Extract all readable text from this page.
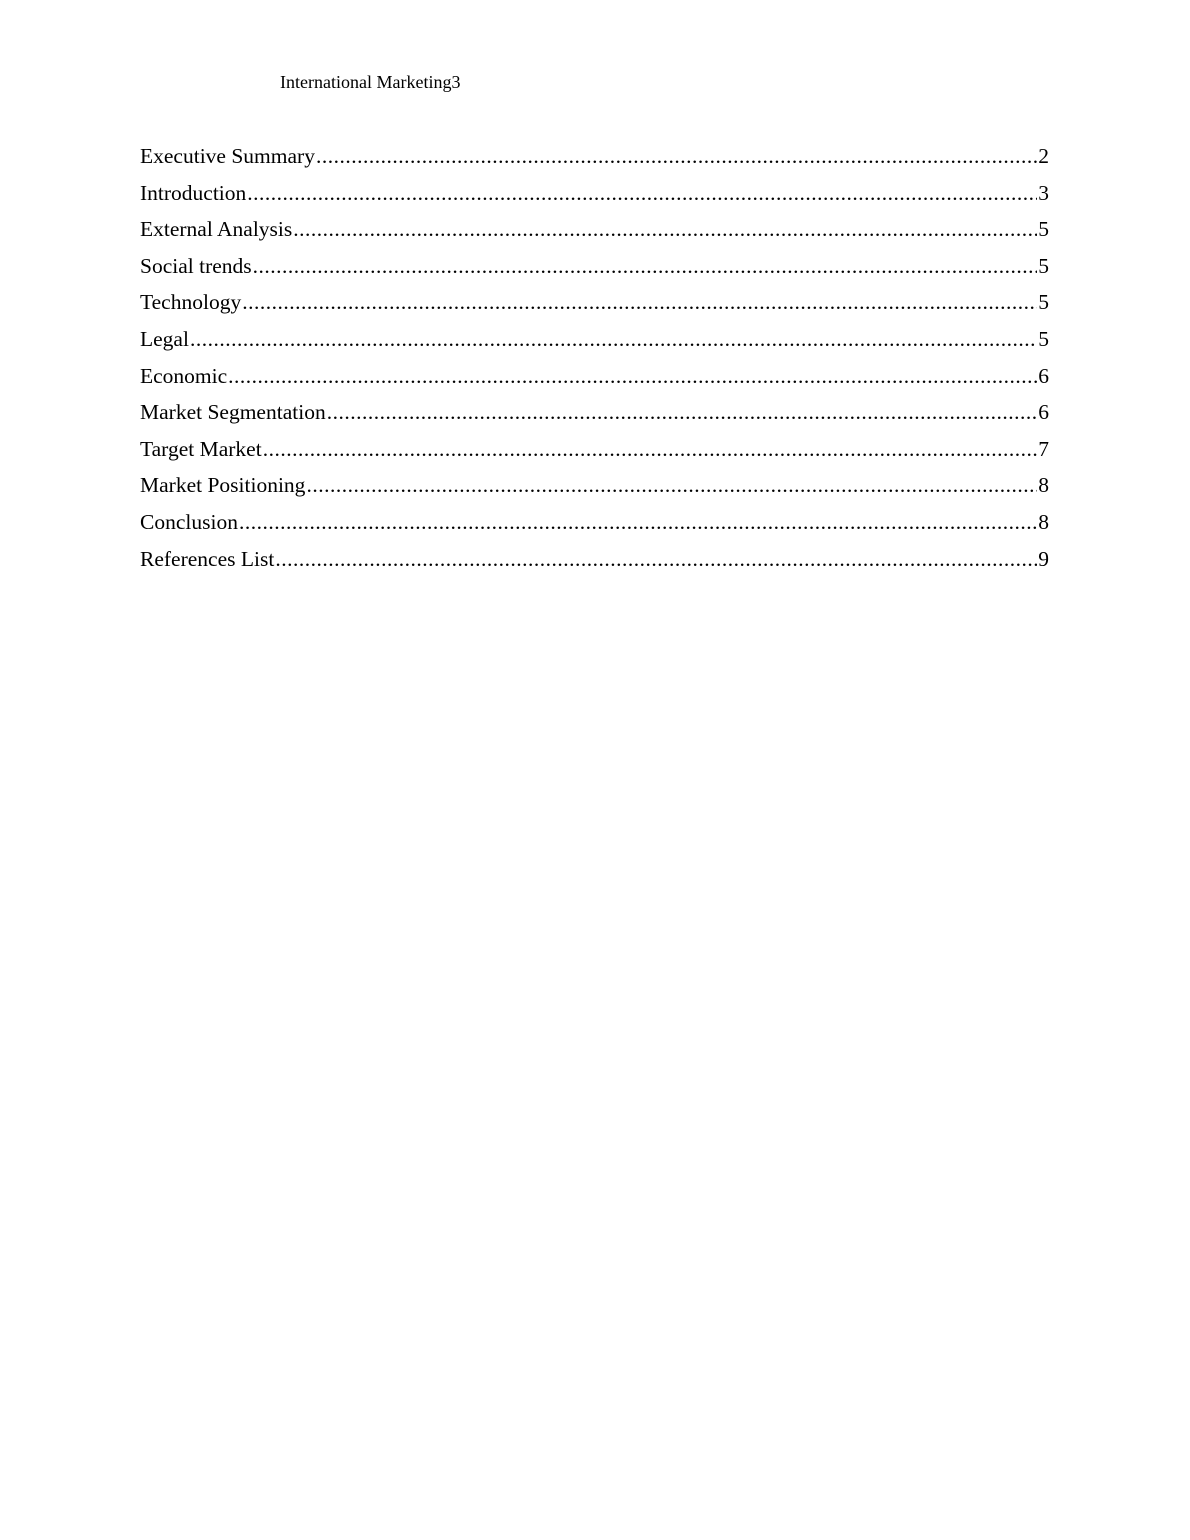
International Marketing3
Executive Summary .....	2
Introduction .....	3
External Analysis .....	5
Social trends .....	5
Technology .....	5
Legal .....	5
Economic .....	6
Market Segmentation .....	6
Target Market .....	7
Market Positioning .....	8
Conclusion .....	8
References List .....	9
